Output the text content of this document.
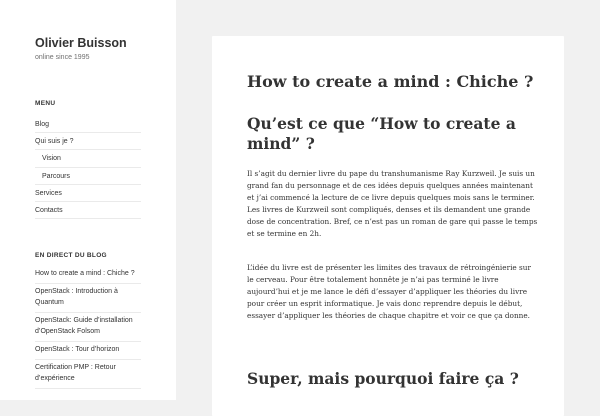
Olivier Buisson
online since 1995
MENU
Blog
Qui suis je ?
Vision
Parcours
Services
Contacts
EN DIRECT DU BLOG
How to create a mind : Chiche ?
OpenStack : Introduction à Quantum
OpenStack: Guide d’installation d’OpenStack Folsom
OpenStack : Tour d’horizon
Certification PMP : Retour d’expérience
How to create a mind : Chiche ?
Qu’est ce que “How to create a mind” ?

Il s’agit du dernier livre du pape du transhumanisme Ray Kurzweil. Je suis un grand fan du personnage et de ces idées depuis quelques années maintenant et j’ai commencé la lecture de ce livre depuis quelques mois sans le terminer. Les livres de Kurzweil sont compliqués, denses et ils demandent une grande dose de concentration. Bref, ce n’est pas un roman de gare qui passe le temps et se termine en 2h.

L’idée du livre est de présenter les limites des travaux de rétroingénierie sur le cerveau. Pour être totalement honnête je n’ai pas terminé le livre aujourd’hui et je me lance le défi d’essayer d’appliquer les théories du livre pour créer un esprit informatique. Je vais donc reprendre depuis le début, essayer d’appliquer les théories de chaque chapitre et voir ce que ça donne.

Super, mais pourquoi faire ça ?
